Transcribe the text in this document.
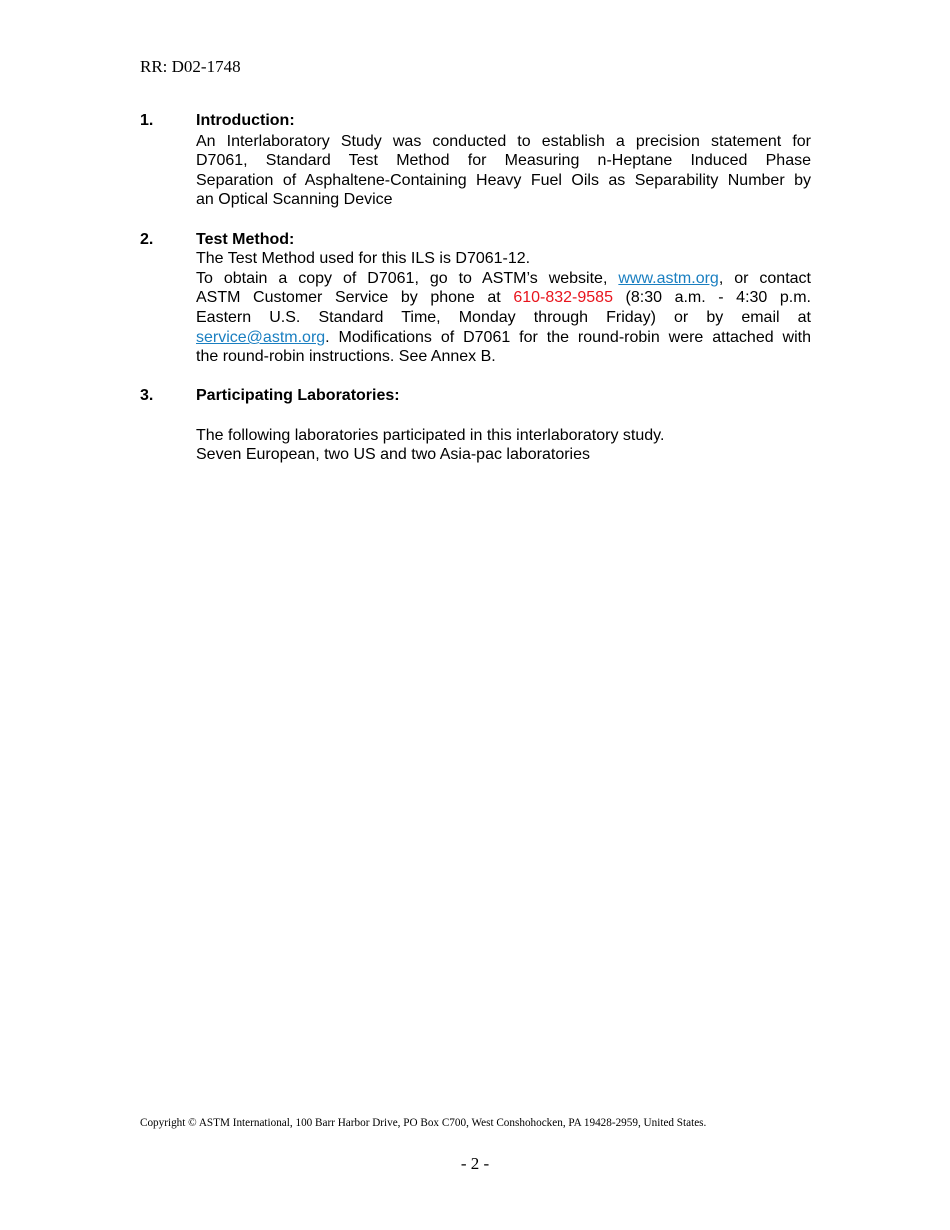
RR: D02-1748
1.	Introduction:
An Interlaboratory Study was conducted to establish a precision statement for
D7061, Standard Test Method for Measuring n-Heptane Induced Phase
Separation of Asphaltene-Containing Heavy Fuel Oils as Separability Number by
an Optical Scanning Device
2.	Test Method:
The Test Method used for this ILS is D7061-12.
To obtain a copy of D7061, go to ASTM’s website, www.astm.org, or contact
ASTM Customer Service by phone at 610-832-9585 (8:30 a.m. - 4:30 p.m.
Eastern U.S. Standard Time, Monday through Friday) or by email at
service@astm.org. Modifications of D7061 for the round-robin were attached with
the round-robin instructions. See Annex B.
3.	Participating Laboratories:
The following laboratories participated in this interlaboratory study.
Seven European, two US and two Asia-pac laboratories
Copyright © ASTM International, 100 Barr Harbor Drive, PO Box C700, West Conshohocken, PA 19428-2959, United States.
- 2 -
